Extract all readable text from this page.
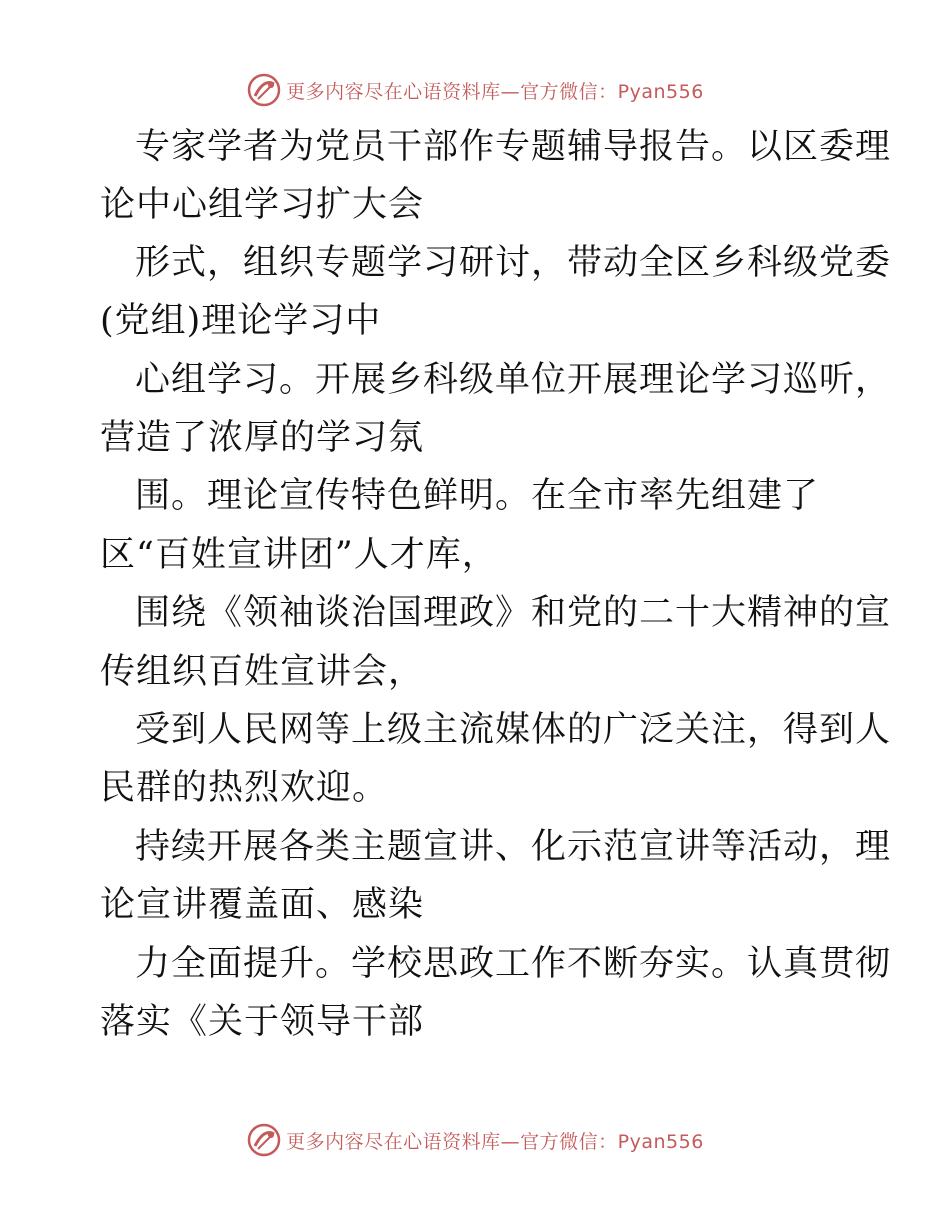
更多内容尽在心语资料库—官方微信：Pyan556
专家学者为党员干部作专题辅导报告。以区委理
论中心组学习扩大会
形式，组织专题学习研讨，带动全区乡科级党委
(党组)理论学习中
心组学习。开展乡科级单位开展理论学习巡听，
营造了浓厚的学习氛
围。理论宣传特色鲜明。在全市率先组建了
区“百姓宣讲团”人才库，
围绕《领袖谈治国理政》和党的二十大精神的宣
传组织百姓宣讲会，
受到人民网等上级主流媒体的广泛关注，得到人
民群的热烈欢迎。
持续开展各类主题宣讲、化示范宣讲等活动，理
论宣讲覆盖面、感染
力全面提升。学校思政工作不断夯实。认真贯彻
落实《关于领导干部
更多内容尽在心语资料库—官方微信：Pyan556
